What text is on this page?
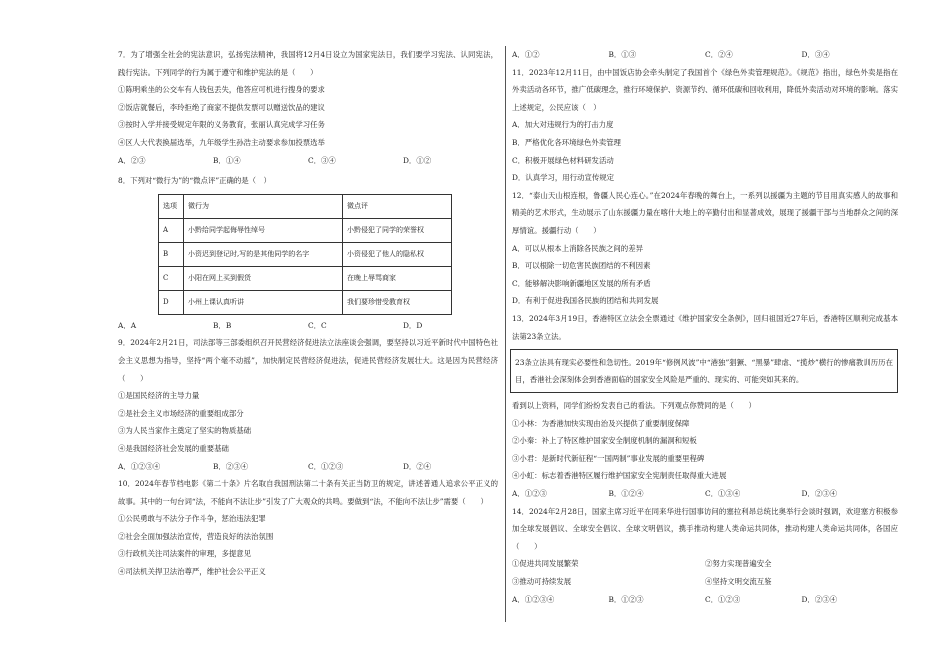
7．为了增强全社会的宪法意识，弘扬宪法精神，我国将12月4日设立为国家宪法日，我们要学习宪法、认同宪法，践行宪法。下列同学的行为属于遵守和维护宪法的是（　　）

①陈明乘坐的公交车有人钱包丢失，他答应可机进行搜身的要求

②饭店就餐后，李玲拒绝了商家不提供发票可以赠送饮品的建议

③按时入学并接受规定年限的义务教育，张丽认真完成学习任务

④区人大代表换届选举，九年级学生孙浩主动要求参加投票选举

A．②③	B．①④	C．③④	D．①②

8．下列对“微行为”的“微点评”正确的是（　）

选项	微行为	微点评
A	小黔给同学起侮辱性绰号	小黔侵犯了同学的荣誉权
B	小资迟到登记时,写的是其他同学的名字	小资侵犯了他人的隐私权
C	小阳在网上买到假货	在晚上辱骂商家
D	小州上课认真听讲	我们要珍惜受教育权
A．A	B．B	C．C	D．D

9．2024年2月21日，司法部等三部委组织召开民营经济促进法立法座谈会强调，要坚持以习近平新时代中国特色社会主义思想为指导，坚持“两个毫不动摇”，加快制定民营经济促进法，促进民营经济发展壮大。这是因为民营经济（　　）

①是国民经济的主导力量

②是社会主义市场经济的重要组成部分

③为人民当家作主奠定了坚实的物质基础

④是我国经济社会发展的重要基础

A．①②③④	B．②③④	C．①②③	D．②④

10．2024年春节档电影《第二十条》片名取自我国刑法第二十条有关正当防卫的规定，讲述普通人追求公平正义的故事。其中的一句台词“法，不能向不法让步”引发了广大观众的共鸣。要做到“法，不能向不法让步”需要（　　）

①公民勇敢与不法分子作斗争，惩治违法犯罪

②社会全面加强法治宣传，营造良好的法治氛围

③行政机关注司法案件的审理，多提意见

④司法机关捍卫法治尊严，维护社会公平正义

A．①②	B．①③	C．②④	D．③④

11．2023年12月11日，由中国饭店协会牵头制定了我国首个《绿色外卖管理规范》。《规范》指出，绿色外卖是指在外卖活动各环节，推广低碳理念，推行环境保护、资源节约、循环低碳和回收利用，降低外卖活动对环境的影响。落实上述规定，公民应该（　）

A．加大对违规行为的打击力度

B．严格优化各环境绿色外卖管理

C．积极开展绿色材料研发活动

D．认真学习，用行动宣传规定

12．“泰山天山根连根，鲁疆人民心连心。”在2024年春晚的舞台上，一系列以援疆为主题的节目用真实感人的故事和精美的艺术形式，生动展示了山东援疆力量在喀什大地上的辛勤付出和显著成效，展现了援疆干部与当地群众之间的深厚情谊。援疆行动（　　）

A．可以从根本上消除各民族之间的差异

B．可以根除一切危害民族团结的不利因素

C．能够解决影响新疆地区发展的所有矛盾

D．有利于促进我国各民族的团结和共同发展

13．2024年3月19日，香港特区立法会全票通过《维护国家安全条例》，回归祖国近27年后，香港特区顺利完成基本法第23条立法。

23条立法具有现实必要性和急切性。2019年“修例风波”中“港独”猖獗、“黑暴”肆虐、“揽炒”横行的惨痛教训历历在目，香港社会深刻体会到香港面临的国家安全风险是严重的、现实的、可能突如其来的。

看到以上资料，同学们纷纷发表自己的看法。下列观点你赞同的是（　　）

①小林：为香港加快实现由治及兴提供了重要制度保障

②小秦：补上了特区维护国家安全制度机制的漏洞和短板

③小君：是新时代新征程“一国两制”事业发展的重要里程碑

④小虹：标志着香港特区履行维护国家安全宪制责任取得重大进展

A．①②③	B．①②④	C．①③④	D．②③④

14．2024年2月28日，国家主席习近平在同来华进行国事访问的塞拉利昂总统比奥举行会谈时强调，欢迎塞方积极参加全球发展倡议、全球安全倡议、全球文明倡议，携手推动构建人类命运共同体，推动构建人类命运共同体，各国应（　　）

①促进共同发展繁荣	②努力实现普遍安全
③推动可持续发展	④坚持文明交流互鉴
A．①②③④	B．①②③	C．①②③	D．②③④
